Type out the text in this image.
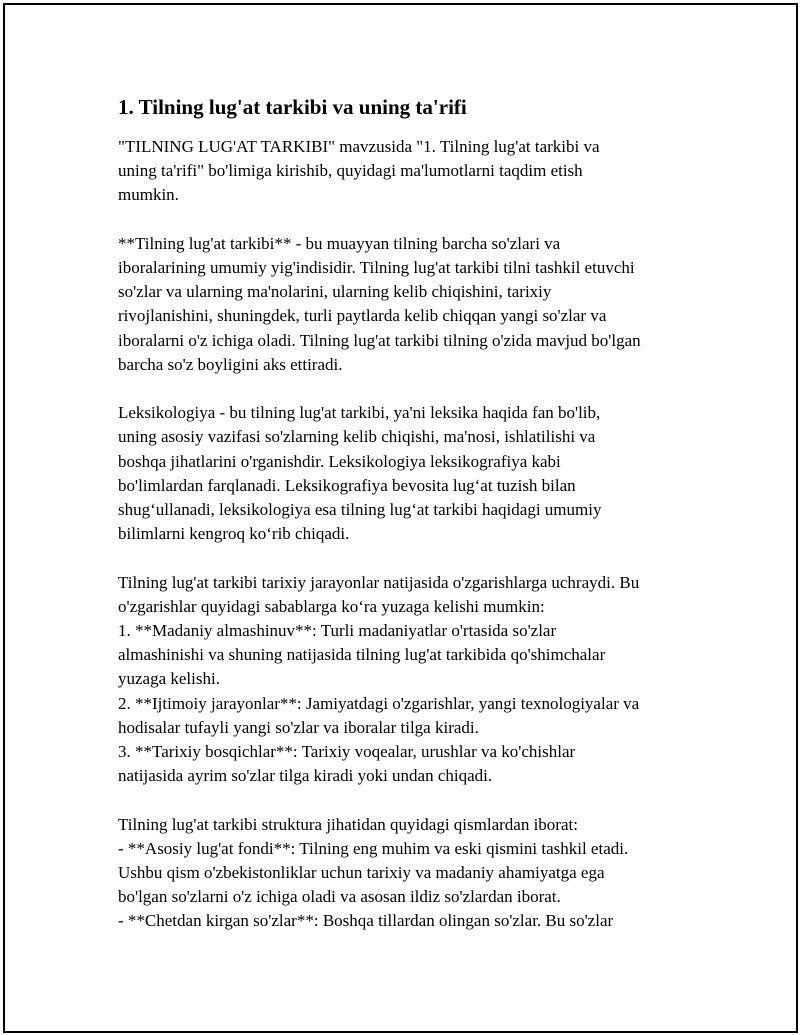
1. Tilning lug'at tarkibi va uning ta'rifi
"TILNING LUG'AT TARKIBI" mavzusida "1. Tilning lug'at tarkibi va
uning ta'rifi" bo'limiga kirishib, quyidagi ma'lumotlarni taqdim etish
mumkin.
**Tilning lug'at tarkibi** - bu muayyan tilning barcha so'zlari va
iboralarining umumiy yig'indisidir. Tilning lug'at tarkibi tilni tashkil etuvchi
so'zlar va ularning ma'nolarini, ularning kelib chiqishini, tarixiy
rivojlanishini, shuningdek, turli paytlarda kelib chiqqan yangi so'zlar va
iboralarni o'z ichiga oladi. Tilning lug'at tarkibi tilning o'zida mavjud bo'lgan
barcha so'z boyligini aks ettiradi.
Leksikologiya - bu tilning lug'at tarkibi, ya'ni leksika haqida fan bo'lib,
uning asosiy vazifasi so'zlarning kelib chiqishi, ma'nosi, ishlatilishi va
boshqa jihatlarini o'rganishdir. Leksikologiya leksikografiya kabi
bo'limlardan farqlanadi. Leksikografiya bevosita lug‘at tuzish bilan
shug‘ullanadi, leksikologiya esa tilning lug‘at tarkibi haqidagi umumiy
bilimlarni kengroq ko‘rib chiqadi.
Tilning lug'at tarkibi tarixiy jarayonlar natijasida o'zgarishlarga uchraydi. Bu
o'zgarishlar quyidagi sabablarga ko‘ra yuzaga kelishi mumkin:
1. **Madaniy almashinuv**: Turli madaniyatlar o'rtasida so'zlar
almashinishi va shuning natijasida tilning lug'at tarkibida qo'shimchalar
yuzaga kelishi.
2. **Ijtimoiy jarayonlar**: Jamiyatdagi o'zgarishlar, yangi texnologiyalar va
hodisalar tufayli yangi so'zlar va iboralar tilga kiradi.
3. **Tarixiy bosqichlar**: Tarixiy voqealar, urushlar va ko'chishlar
natijasida ayrim so'zlar tilga kiradi yoki undan chiqadi.
Tilning lug'at tarkibi struktura jihatidan quyidagi qismlardan iborat:
- **Asosiy lug'at fondi**: Tilning eng muhim va eski qismini tashkil etadi.
Ushbu qism o'zbekistonliklar uchun tarixiy va madaniy ahamiyatga ega
bo'lgan so'zlarni o'z ichiga oladi va asosan ildiz so'zlardan iborat.
- **Chetdan kirgan so'zlar**: Boshqa tillardan olingan so'zlar. Bu so'zlar
